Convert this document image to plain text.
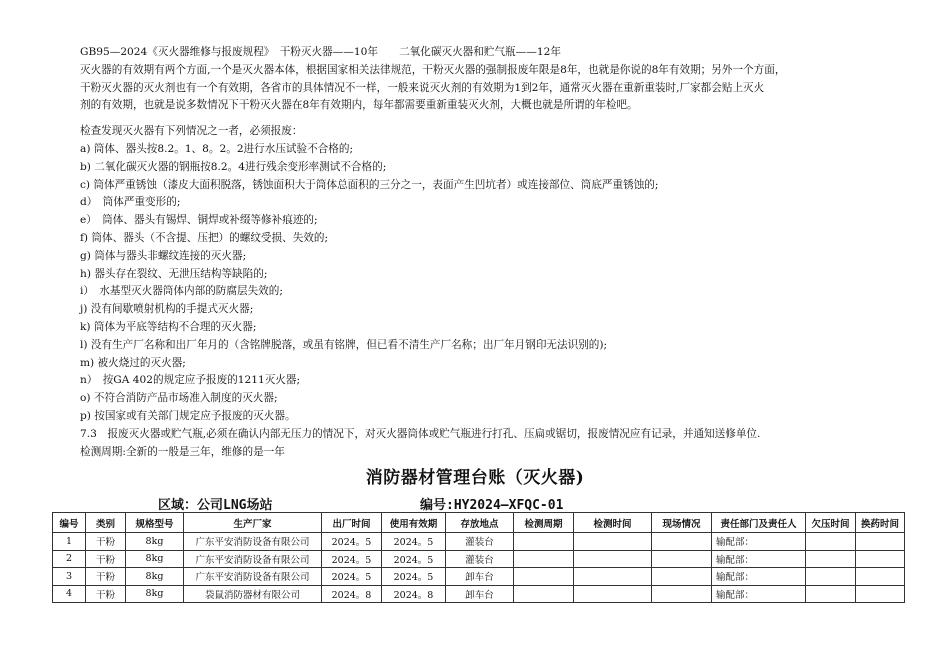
GB95—2024《灭火器维修与报废规程》　干粉灭火器——10年　　二氧化碳灭火器和贮气瓶——12年
灭火器的有效期有两个方面,一个是灭火器本体，根据国家相关法律规范，干粉灭火器的强制报废年限是8年，也就是你说的8年有效期；另外一个方面，
干粉灭火器的灭火剂也有一个有效期，各省市的具体情况不一样，一般来说灭火剂的有效期为1到2年，通常灭火器在重新重装时,厂家都会贴上灭火
剂的有效期，也就是说多数情况下干粉灭火器在8年有效期内，每年都需要重新重装灭火剂，大概也就是所谓的年检吧。
检查发现灭火器有下列情况之一者，必须报废：
a) 筒体、器头按8.2。1、8。2。2进行水压试验不合格的;
b) 二氧化碳灭火器的钢瓶按8.2。4进行残余变形率测试不合格的;
c) 筒体严重锈蚀（漆皮大面积脱落，锈蚀面积大于筒体总面积的三分之一，表面产生凹坑者）或连接部位、筒底严重锈蚀的;
d）　筒体严重变形的;
e）　筒体、器头有锡焊、铜焊或补缀等修补痕迹的;
f) 筒体、器头（不含提、压把）的螺纹受损、失效的;
g) 筒体与器头非螺纹连接的灭火器;
h) 器头存在裂纹、无泄压结构等缺陷的;
i）　水基型灭火器筒体内部的防腐层失效的;
j) 没有间歇喷射机构的手提式灭火器;
k) 筒体为平底等结构不合理的灭火器;
l) 没有生产厂名称和出厂年月的（含铭牌脱落，或虽有铭牌，但已看不清生产厂名称；出厂年月钢印无法识别的);
m) 被火烧过的灭火器;
n）　按GA 402的规定应予报废的1211灭火器;
o) 不符合消防产品市场准入制度的灭火器;
p) 按国家或有关部门规定应予报废的灭火器。
7.3　报废灭火器或贮气瓶,必须在确认内部无压力的情况下，对灭火器筒体或贮气瓶进行打孔、压扁或锯切，报废情况应有记录，并通知送修单位.
检测周期:全新的一般是三年，维修的是一年
消防器材管理台账（灭火器)
区域：公司LNG场站	编号:HY2024—XFQC-01
编号	类别	规格型号	生产厂家	出厂时间	使用有效期	存放地点	检测周期	检测时间	现场情况	责任部门及责任人	欠压时间	换药时间
1	干粉	8kg	广东平安消防设备有限公司	2024。5	2024。5	灌装台				输配部：		
2	干粉	8kg	广东平安消防设备有限公司	2024。5	2024。5	灌装台				输配部：		
3	干粉	8kg	广东平安消防设备有限公司	2024。5	2024。5	卸车台				输配部：		
4	干粉	8kg	袋鼠消防器材有限公司	2024。8	2024。8	卸车台				输配部：		
